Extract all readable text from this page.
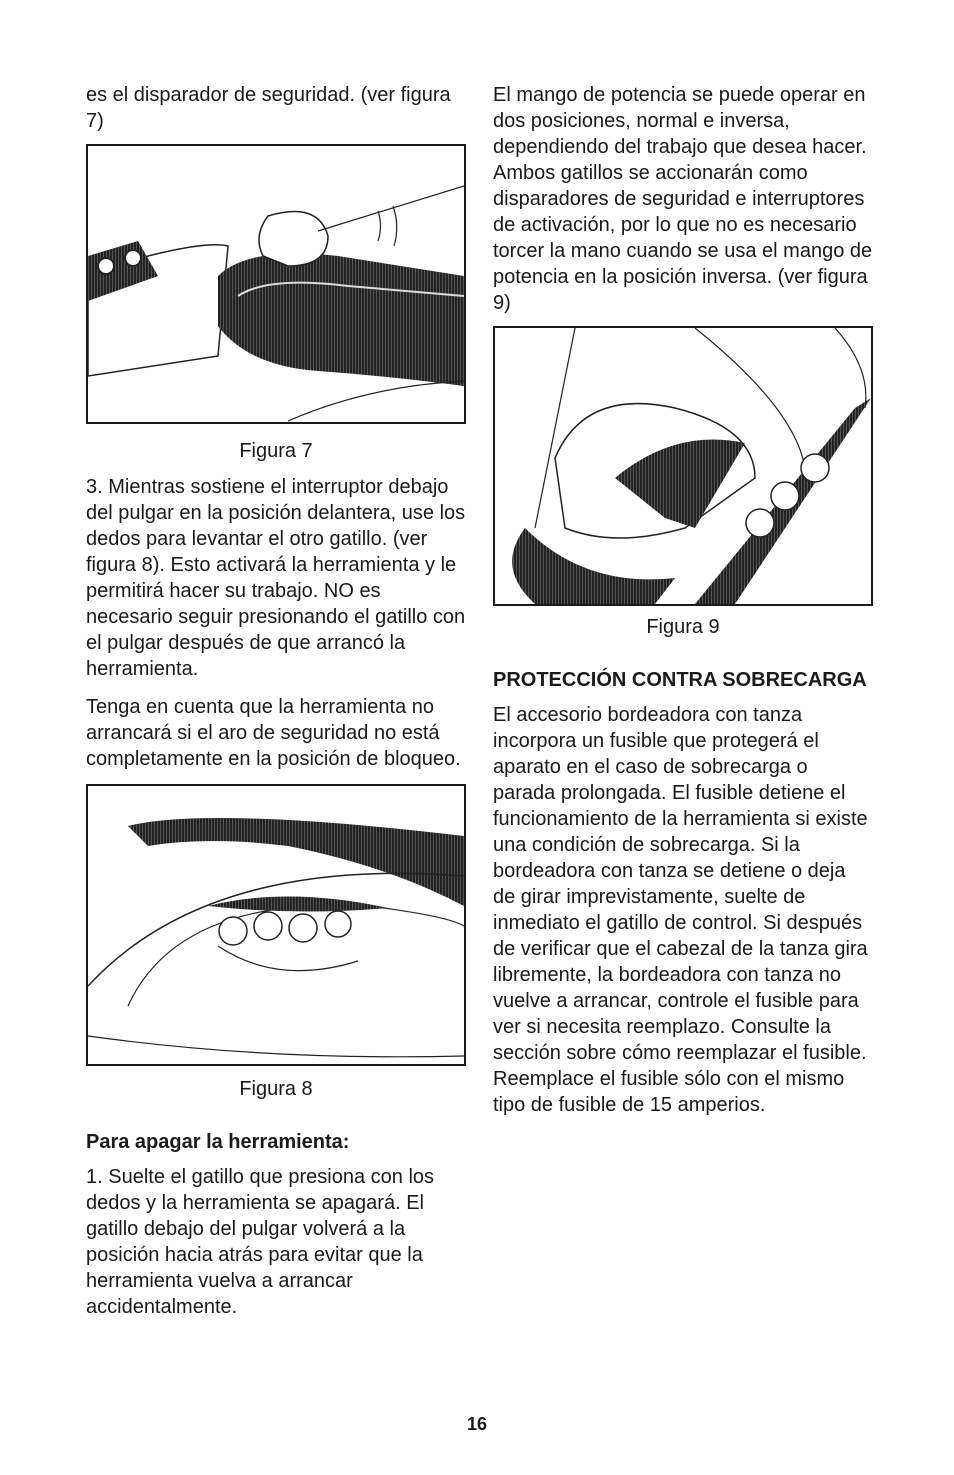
es el disparador de seguridad. (ver figura 7)

Figura 7

3. Mientras sostiene el interruptor debajo del pulgar en la posición delantera, use los dedos para levantar el otro gatillo. (ver figura 8). Esto activará la herramienta y le permitirá hacer su trabajo. NO es necesario seguir presionando el gatillo con el pulgar después de que arrancó la herramienta.

Tenga en cuenta que la herramienta no arrancará si el aro de seguridad no está completamente en la posición de bloqueo.

Figura 8

Para apagar la herramienta:

1. Suelte el gatillo que presiona con los dedos y la herramienta se apagará. El gatillo debajo del pulgar volverá a la posición hacia atrás para evitar que la herramienta vuelva a arrancar accidentalmente.

El mango de potencia se puede operar en dos posiciones, normal e inversa, dependiendo del trabajo que desea hacer. Ambos gatillos se accionarán como disparadores de seguridad e interruptores de activación, por lo que no es necesario torcer la mano cuando se usa el mango de potencia en la posición inversa. (ver figura 9)

Figura 9

PROTECCIÓN CONTRA SOBRECARGA

El accesorio bordeadora con tanza incorpora un fusible que protegerá el aparato en el caso de sobrecarga o parada prolongada. El fusible detiene el funcionamiento de la herramienta si existe una condición de sobrecarga. Si la bordeadora con tanza se detiene o deja de girar imprevistamente, suelte de inmediato el gatillo de control. Si después de verificar que el cabezal de la tanza gira libremente, la bordeadora con tanza no vuelve a arrancar, controle el fusible para ver si necesita reemplazo. Consulte la sección sobre cómo reemplazar el fusible. Reemplace el fusible sólo con el mismo tipo de fusible de 15 amperios.

16
